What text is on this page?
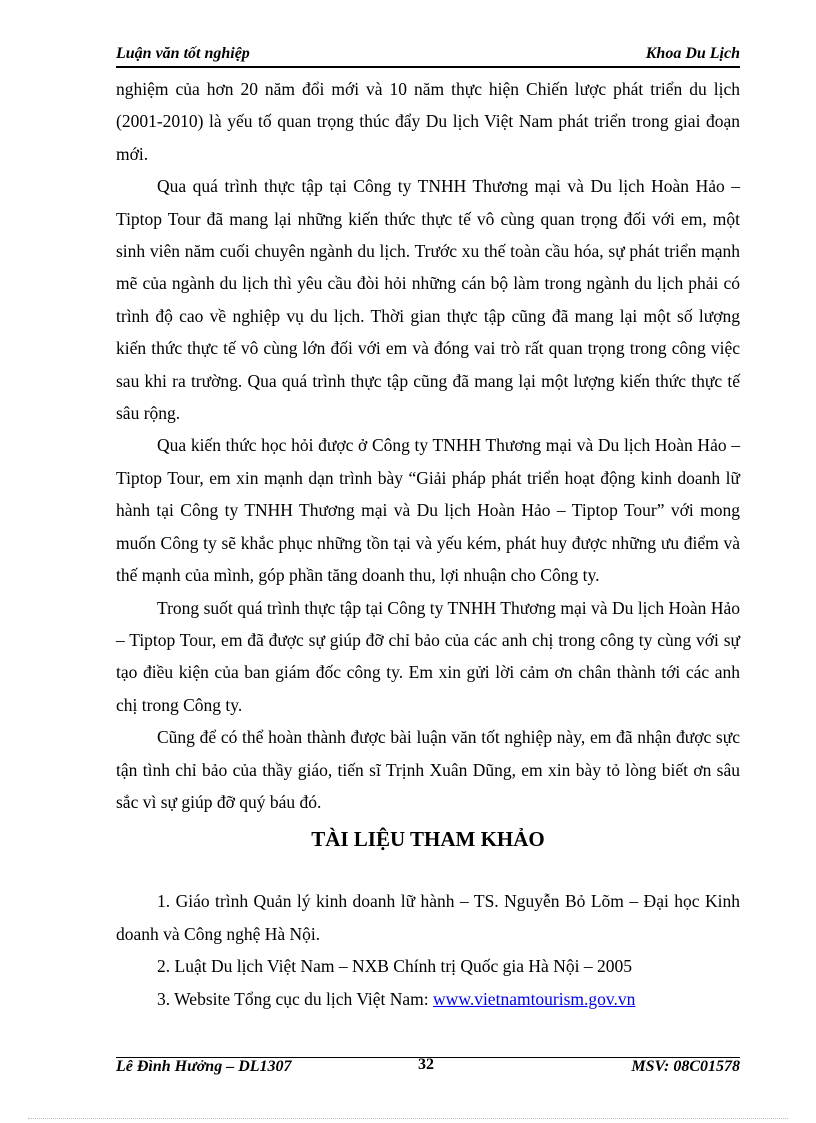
Luận văn tốt nghiệp	Khoa Du Lịch

nghiệm của hơn 20 năm đổi mới và 10 năm thực hiện Chiến lược phát triển du lịch (2001-2010) là yếu tố quan trọng thúc đẩy Du lịch Việt Nam phát triển trong giai đoạn mới.

Qua quá trình thực tập tại Công ty TNHH Thương mại và Du lịch Hoàn Hảo – Tiptop Tour đã mang lại những kiến thức thực tế vô cùng quan trọng đối với em, một sinh viên năm cuối chuyên ngành du lịch. Trước xu thế toàn cầu hóa, sự phát triển mạnh mẽ của ngành du lịch thì yêu cầu đòi hỏi những cán bộ làm trong ngành du lịch phải có trình độ cao về nghiệp vụ du lịch. Thời gian thực tập cũng đã mang lại một số lượng kiến thức thực tế vô cùng lớn đối với em và đóng vai trò rất quan trọng trong công việc sau khi ra trường. Qua quá trình thực tập cũng đã mang lại một lượng kiến thức thực tế sâu rộng.

Qua kiến thức học hỏi được ở Công ty TNHH Thương mại và Du lịch Hoàn Hảo – Tiptop Tour, em xin mạnh dạn trình bày “Giải pháp phát triển hoạt động kinh doanh lữ hành tại Công ty TNHH Thương mại và Du lịch Hoàn Hảo – Tiptop Tour” với mong muốn Công ty sẽ khắc phục những tồn tại và yếu kém, phát huy được những ưu điểm và thế mạnh của mình, góp phần tăng doanh thu, lợi nhuận cho Công ty.

Trong suốt quá trình thực tập tại Công ty TNHH Thương mại và Du lịch Hoàn Hảo – Tiptop Tour, em đã được sự giúp đỡ chỉ bảo của các anh chị trong công ty cùng với sự tạo điều kiện của ban giám đốc công ty. Em xin gửi lời cảm ơn chân thành tới các anh chị trong Công ty.

Cũng để có thể hoàn thành được bài luận văn tốt nghiệp này, em đã nhận được sực tận tình chỉ bảo của thầy giáo, tiến sĩ Trịnh Xuân Dũng, em xin bày tỏ lòng biết ơn sâu sắc vì sự giúp đỡ quý báu đó.

TÀI LIỆU THAM KHẢO

1. Giáo trình Quản lý kinh doanh lữ hành – TS. Nguyễn Bỏ Lõm – Đại học Kinh doanh và Công nghệ Hà Nội.

2. Luật Du lịch Việt Nam – NXB Chính trị Quốc gia Hà Nội – 2005

3. Website Tổng cục du lịch Việt Nam: www.vietnamtourism.gov.vn

Lê Đình Hưởng – DL1307	32	MSV: 08C01578
